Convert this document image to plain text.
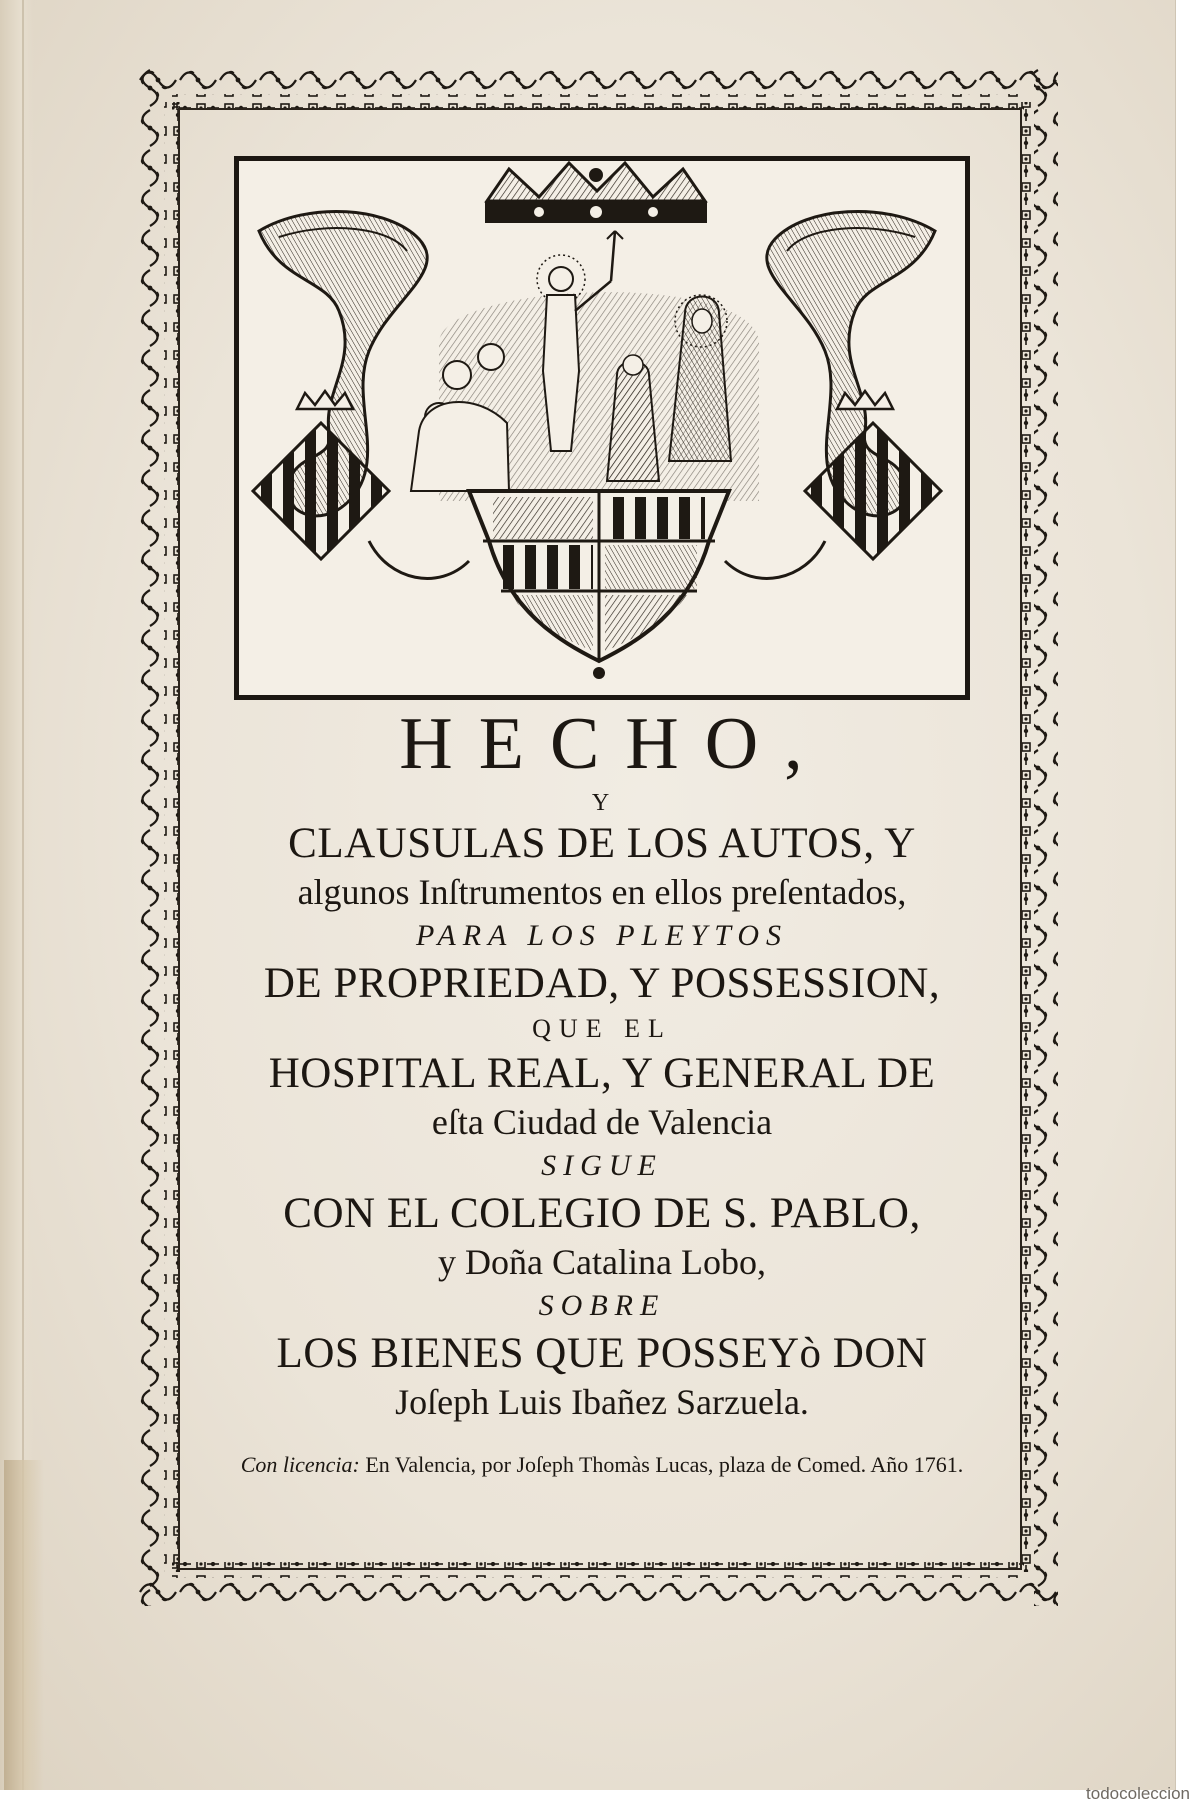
HECHO,
Y
CLAUSULAS DE LOS AUTOS, Y
algunos Inſtrumentos en ellos preſentados,
PARA LOS PLEYTOS
DE PROPRIEDAD, Y POSSESSION,
QUE EL
HOSPITAL REAL, Y GENERAL DE
eſta Ciudad de Valencia
SIGUE
CON EL COLEGIO DE S. PABLO,
y Doña Catalina Lobo,
SOBRE
LOS BIENES QUE POSSEYò DON
Joſeph Luis Ibañez Sarzuela.
Con licencia: En Valencia, por Joſeph Thomàs Lucas, plaza de Comed. Año 1761.
todocoleccion
